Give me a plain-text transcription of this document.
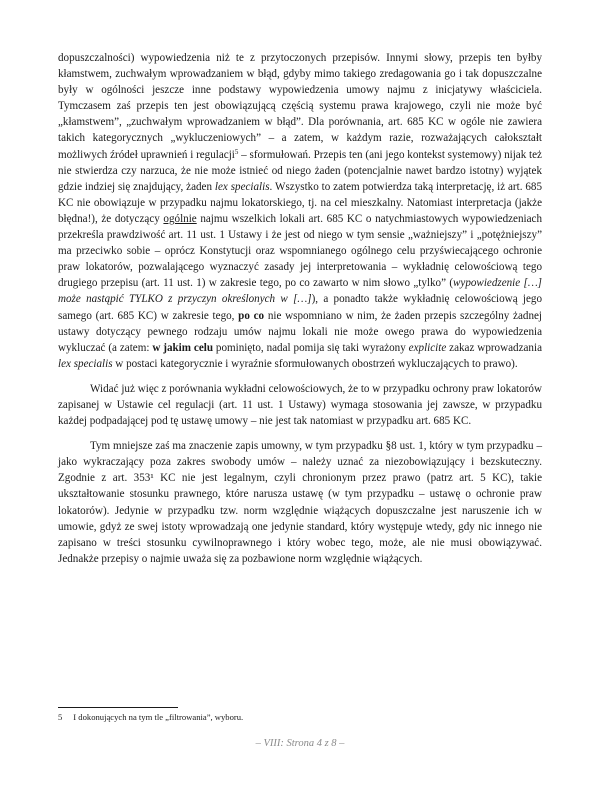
dopuszczalności) wypowiedzenia niż te z przytoczonych przepisów. Innymi słowy, przepis ten byłby kłamstwem, zuchwałym wprowadzaniem w błąd, gdyby mimo takiego zredagowania go i tak dopuszczalne były w ogólności jeszcze inne podstawy wypowiedzenia umowy najmu z inicjatywy właściciela. Tymczasem zaś przepis ten jest obowiązującą częścią systemu prawa krajowego, czyli nie może być „kłamstwem”, „zuchwałym wprowadzaniem w błąd”. Dla porównania, art. 685 KC w ogóle nie zawiera takich kategorycznych „wykluczeniowych” – a zatem, w każdym razie, rozważających całokształt możliwych źródeł uprawnień i regulacji$^5$ – sformułowań. Przepis ten (ani jego kontekst systemowy) nijak też nie stwierdza czy narzuca, że nie może istnieć od niego żaden (potencjalnie nawet bardzo istotny) wyjątek gdzie indziej się znajdujący, żaden lex specialis. Wszystko to zatem potwierdza taką interpretację, iż art. 685 KC nie obowiązuje w przypadku najmu lokatorskiego, tj. na cel mieszkalny. Natomiast interpretacja (jakże błędna!), że dotyczący ogólnie najmu wszelkich lokali art. 685 KC o natychmiastowych wypowiedzeniach przekreśla prawdziwość art. 11 ust. 1 Ustawy i że jest od niego w tym sensie „ważniejszy” i „potężniejszy” ma przeciwko sobie – oprócz Konstytucji oraz wspomnianego ogólnego celu przyświecającego ochronie praw lokatorów, pozwalającego wyznaczyć zasady jej interpretowania – wykładnię celowościową tego drugiego przepisu (art. 11 ust. 1) w zakresie tego, po co zawarto w nim słowo „tylko” (wypowiedzenie […] może nastąpić TYLKO z przyczyn określonych w […]), a ponadto także wykładnię celowościową jego samego (art. 685 KC) w zakresie tego, po co nie wspomniano w nim, że żaden przepis szczególny żadnej ustawy dotyczący pewnego rodzaju umów najmu lokali nie może owego prawa do wypowiedzenia wykluczać (a zatem: w jakim celu pominięto, nadal pomija się taki wyrażony explicite zakaz wprowadzania lex specialis w postaci kategorycznie i wyraźnie sformułowanych obostrzeń wykluczających to prawo).

Widać już więc z porównania wykładni celowościowych, że to w przypadku ochrony praw lokatorów zapisanej w Ustawie cel regulacji (art. 11 ust. 1 Ustawy) wymaga stosowania jej zawsze, w przypadku każdej podpadającej pod tę ustawę umowy – nie jest tak natomiast w przypadku art. 685 KC.

Tym mniejsze zaś ma znaczenie zapis umowny, w tym przypadku §8 ust. 1, który w tym przypadku – jako wykraczający poza zakres swobody umów – należy uznać za niezobowiązujący i bezskuteczny. Zgodnie z art. 353¹ KC nie jest legalnym, czyli chronionym przez prawo (patrz art. 5 KC), takie ukształtowanie stosunku prawnego, które narusza ustawę (w tym przypadku – ustawę o ochronie praw lokatorów). Jedynie w przypadku tzw. norm względnie wiążących dopuszczalne jest naruszenie ich w umowie, gdyż ze swej istoty wprowadzają one jedynie standard, który występuje wtedy, gdy nic innego nie zapisano w treści stosunku cywilnoprawnego i który wobec tego, może, ale nie musi obowiązywać. Jednakże przepisy o najmie uważa się za pozbawione norm względnie wiążących.

5 I dokonujących na tym tle „filtrowania”, wyboru.
– VIII: Strona 4 z 8 –
